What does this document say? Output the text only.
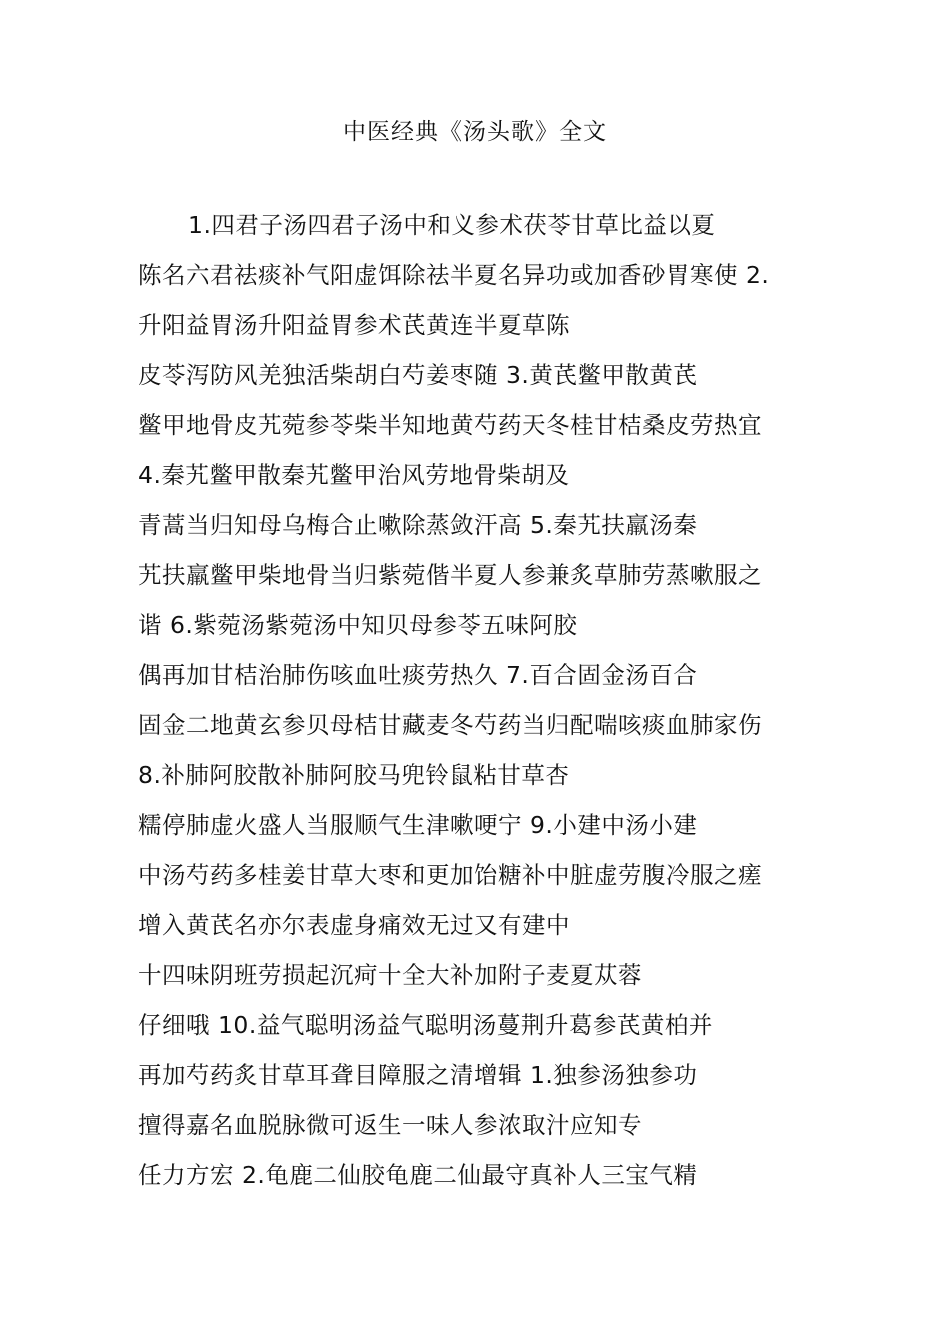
中医经典《汤头歌》全文
1.四君子汤四君子汤中和义参术茯苓甘草比益以夏
陈名六君祛痰补气阳虚饵除祛半夏名异功或加香砂胃寒使 2.
升阳益胃汤升阳益胃参术芪黄连半夏草陈
皮苓泻防风羌独活柴胡白芍姜枣随 3.黄芪鳖甲散黄芪
鳖甲地骨皮艽菀参苓柴半知地黄芍药天冬桂甘桔桑皮劳热宜
4.秦艽鳖甲散秦艽鳖甲治风劳地骨柴胡及
青蒿当归知母乌梅合止嗽除蒸敛汗高 5.秦艽扶羸汤秦
艽扶羸鳖甲柴地骨当归紫菀偕半夏人参兼炙草肺劳蒸嗽服之
谐 6.紫菀汤紫菀汤中知贝母参苓五味阿胶
偶再加甘桔治肺伤咳血吐痰劳热久 7.百合固金汤百合
固金二地黄玄参贝母桔甘藏麦冬芍药当归配喘咳痰血肺家伤
8.补肺阿胶散补肺阿胶马兜铃鼠粘甘草杏
糯停肺虚火盛人当服顺气生津嗽哽宁 9.小建中汤小建
中汤芍药多桂姜甘草大枣和更加饴糖补中脏虚劳腹冷服之瘥
增入黄芪名亦尔表虚身痛效无过又有建中
十四味阴班劳损起沉疴十全大补加附子麦夏苁蓉
仔细哦 10.益气聪明汤益气聪明汤蔓荆升葛参芪黄柏并
再加芍药炙甘草耳聋目障服之清增辑 1.独参汤独参功
擅得嘉名血脱脉微可返生一味人参浓取汁应知专
任力方宏 2.龟鹿二仙胶龟鹿二仙最守真补人三宝气精
